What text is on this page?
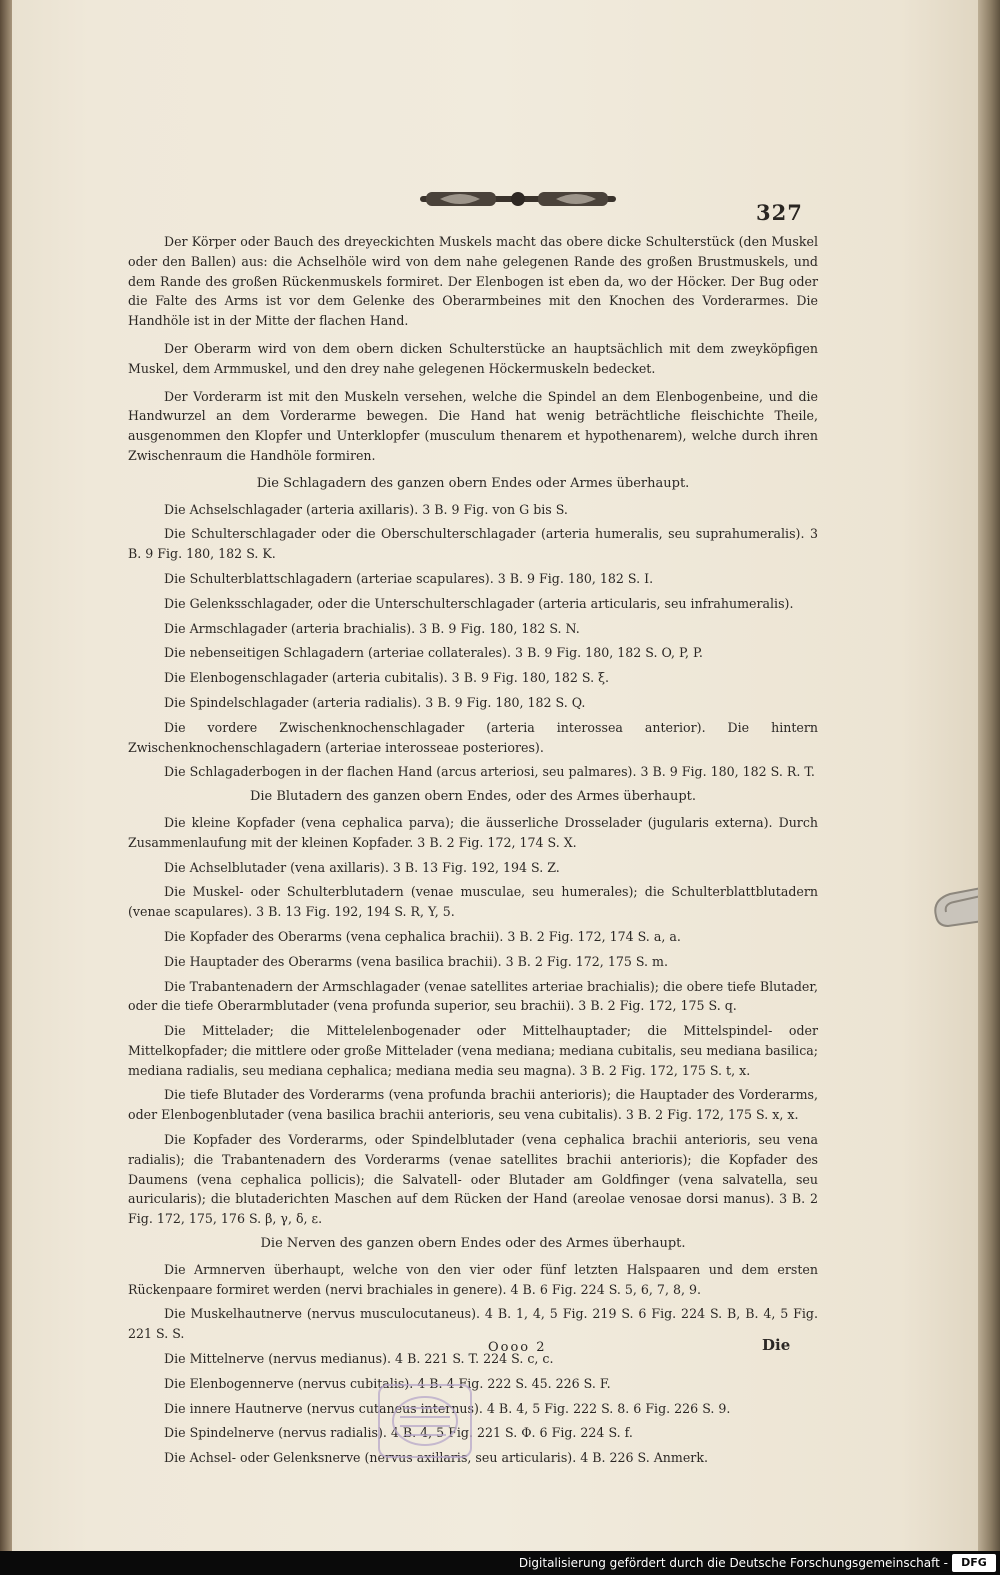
327

Der Körper oder Bauch des dreyeckichten Muskels macht das obere dicke Schulterstück (den Muskel oder den Ballen) aus: die Achselhöle wird von dem nahe gelegenen Rande des großen Brustmuskels, und dem Rande des großen Rückenmuskels formiret. Der Elenbogen ist eben da, wo der Höcker. Der Bug oder die Falte des Arms ist vor dem Gelenke des Oberarmbeines mit den Knochen des Vorderarmes. Die Handhöle ist in der Mitte der flachen Hand.

Der Oberarm wird von dem obern dicken Schulterstücke an hauptsächlich mit dem zweyköpfigen Muskel, dem Armmuskel, und den drey nahe gelegenen Höckermuskeln bedecket.

Der Vorderarm ist mit den Muskeln versehen, welche die Spindel an dem Elenbogenbeine, und die Handwurzel an dem Vorderarme bewegen. Die Hand hat wenig beträchtliche fleischichte Theile, ausgenommen den Klopfer und Unterklopfer (musculum thenarem et hypothenarem), welche durch ihren Zwischenraum die Handhöle formiren.

Die Schlagadern des ganzen obern Endes oder Armes überhaupt.

Die Achselschlagader (arteria axillaris). 3 B. 9 Fig. von G bis S.

Die Schulterschlagader oder die Oberschulterschlagader (arteria humeralis, seu suprahumeralis). 3 B. 9 Fig. 180, 182 S. K.

Die Schulterblattschlagadern (arteriae scapulares). 3 B. 9 Fig. 180, 182 S. I.

Die Gelenksschlagader, oder die Unterschulterschlagader (arteria articularis, seu infrahumeralis).

Die Armschlagader (arteria brachialis). 3 B. 9 Fig. 180, 182 S. N.

Die nebenseitigen Schlagadern (arteriae collaterales). 3 B. 9 Fig. 180, 182 S. O, P, P.

Die Elenbogenschlagader (arteria cubitalis). 3 B. 9 Fig. 180, 182 S. ξ.

Die Spindelschlagader (arteria radialis). 3 B. 9 Fig. 180, 182 S. Q.

Die vordere Zwischenknochenschlagader (arteria interossea anterior). Die hintern Zwischenknochenschlagadern (arteriae interosseae posteriores).

Die Schlagaderbogen in der flachen Hand (arcus arteriosi, seu palmares). 3 B. 9 Fig. 180, 182 S. R. T.

Die Blutadern des ganzen obern Endes, oder des Armes überhaupt.

Die kleine Kopfader (vena cephalica parva); die äusserliche Drosselader (jugularis externa). Durch Zusammenlaufung mit der kleinen Kopfader. 3 B. 2 Fig. 172, 174 S. X.

Die Achselblutader (vena axillaris). 3 B. 13 Fig. 192, 194 S. Z.

Die Muskel- oder Schulterblutadern (venae musculae, seu humerales); die Schulterblattblutadern (venae scapulares). 3 B. 13 Fig. 192, 194 S. R, Y, 5.

Die Kopfader des Oberarms (vena cephalica brachii). 3 B. 2 Fig. 172, 174 S. a, a.

Die Hauptader des Oberarms (vena basilica brachii). 3 B. 2 Fig. 172, 175 S. m.

Die Trabantenadern der Armschlagader (venae satellites arteriae brachialis); die obere tiefe Blutader, oder die tiefe Oberarmblutader (vena profunda superior, seu brachii). 3 B. 2 Fig. 172, 175 S. q.

Die Mittelader; die Mittelelenbogenader oder Mittelhauptader; die Mittelspindel- oder Mittelkopfader; die mittlere oder große Mittelader (vena mediana; mediana cubitalis, seu mediana basilica; mediana radialis, seu mediana cephalica; mediana media seu magna). 3 B. 2 Fig. 172, 175 S. t, x.

Die tiefe Blutader des Vorderarms (vena profunda brachii anterioris); die Hauptader des Vorderarms, oder Elenbogenblutader (vena basilica brachii anterioris, seu vena cubitalis). 3 B. 2 Fig. 172, 175 S. x, x.

Die Kopfader des Vorderarms, oder Spindelblutader (vena cephalica brachii anterioris, seu vena radialis); die Trabantenadern des Vorderarms (venae satellites brachii anterioris); die Kopfader des Daumens (vena cephalica pollicis); die Salvatell- oder Blutader am Goldfinger (vena salvatella, seu auricularis); die blutaderichten Maschen auf dem Rücken der Hand (areolae venosae dorsi manus). 3 B. 2 Fig. 172, 175, 176 S. β, γ, δ, ε.

Die Nerven des ganzen obern Endes oder des Armes überhaupt.

Die Armnerven überhaupt, welche von den vier oder fünf letzten Halspaaren und dem ersten Rückenpaare formiret werden (nervi brachiales in genere). 4 B. 6 Fig. 224 S. 5, 6, 7, 8, 9.

Die Muskelhautnerve (nervus musculocutaneus). 4 B. 1, 4, 5 Fig. 219 S. 6 Fig. 224 S. B, B. 4, 5 Fig. 221 S. S.

Die Mittelnerve (nervus medianus). 4 B. 221 S. T. 224 S. c, c.

Die Elenbogennerve (nervus cubitalis). 4 B. 4 Fig. 222 S. 45. 226 S. F.

Die innere Hautnerve (nervus cutaneus internus). 4 B. 4, 5 Fig. 222 S. 8. 6 Fig. 226 S. 9.

Die Spindelnerve (nervus radialis). 4 B. 4, 5 Fig. 221 S. Φ. 6 Fig. 224 S. f.

Die Achsel- oder Gelenksnerve (nervus axillaris, seu articularis). 4 B. 226 S. Anmerk.

Oooo 2	Die
Digitalisierung gefördert durch die Deutsche Forschungsgemeinschaft -	DFG
